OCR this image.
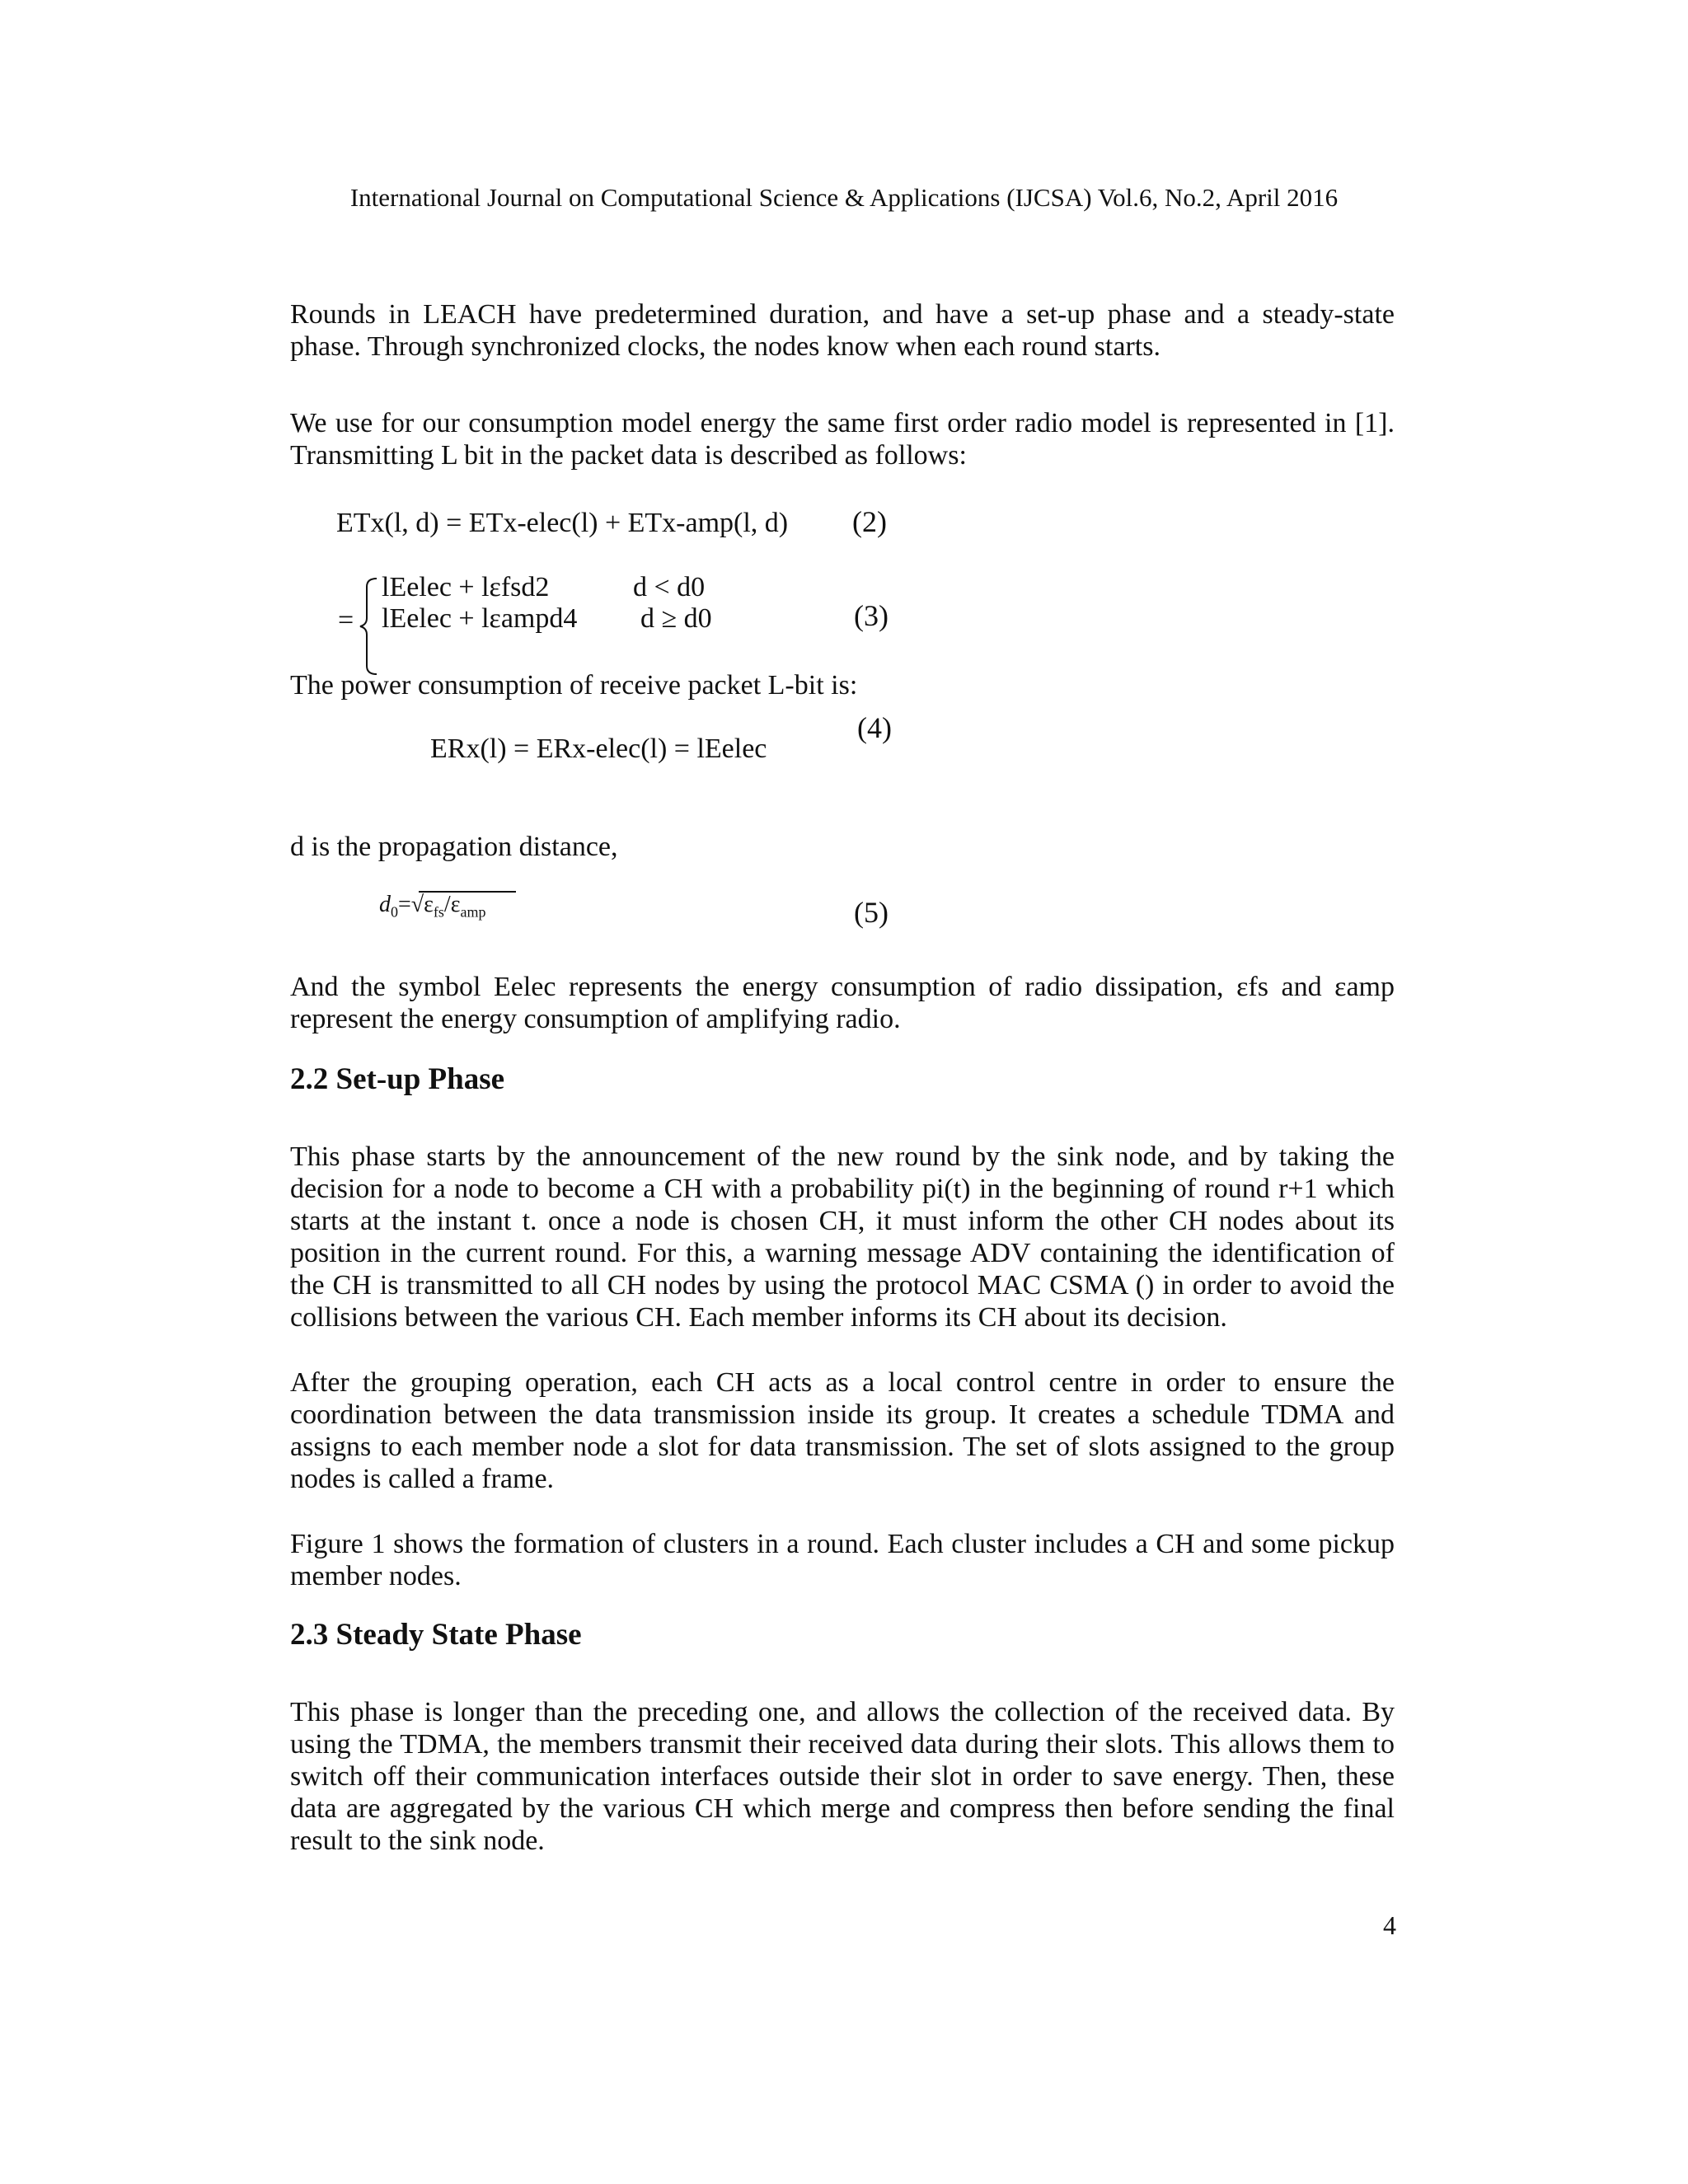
International Journal on Computational Science & Applications (IJCSA) Vol.6, No.2, April 2016

Rounds in LEACH have predetermined duration, and have a set-up phase and a steady-state phase. Through synchronized clocks, the nodes know when each round starts.

We use for our consumption model energy the same first order radio model is represented in [1]. Transmitting L bit in the packet data is described as follows:

ETx(l, d) = ETx-elec(l) + ETx-amp(l, d) (2)
=
lEelec + lεfsd2	d < d0
lEelec + lεampd4 d ≥ d0	(3)

The power consumption of receive packet L-bit is:

(4)
ERx(l) = ERx-elec(l) = lEelec

d is the propagation distance,

$d_0=√\varepsilon_{fs}/\varepsilon_{amp}$	(5)

And the symbol Eelec represents the energy consumption of radio dissipation, εfs and εamp represent the energy consumption of amplifying radio.

2.2 Set-up Phase

This phase starts by the announcement of the new round by the sink node, and by taking the decision for a node to become a CH with a probability pi(t) in the beginning of round r+1 which starts at the instant t. once a node is chosen CH, it must inform the other CH nodes about its position in the current round. For this, a warning message ADV containing the identification of the CH is transmitted to all CH nodes by using the protocol MAC CSMA () in order to avoid the collisions between the various CH. Each member informs its CH about its decision.

After the grouping operation, each CH acts as a local control centre in order to ensure the coordination between the data transmission inside its group. It creates a schedule TDMA and assigns to each member node a slot for data transmission. The set of slots assigned to the group nodes is called a frame.

Figure 1 shows the formation of clusters in a round. Each cluster includes a CH and some pickup member nodes.

2.3 Steady State Phase

This phase is longer than the preceding one, and allows the collection of the received data. By using the TDMA, the members transmit their received data during their slots. This allows them to switch off their communication interfaces outside their slot in order to save energy. Then, these data are aggregated by the various CH which merge and compress then before sending the final result to the sink node.

4
